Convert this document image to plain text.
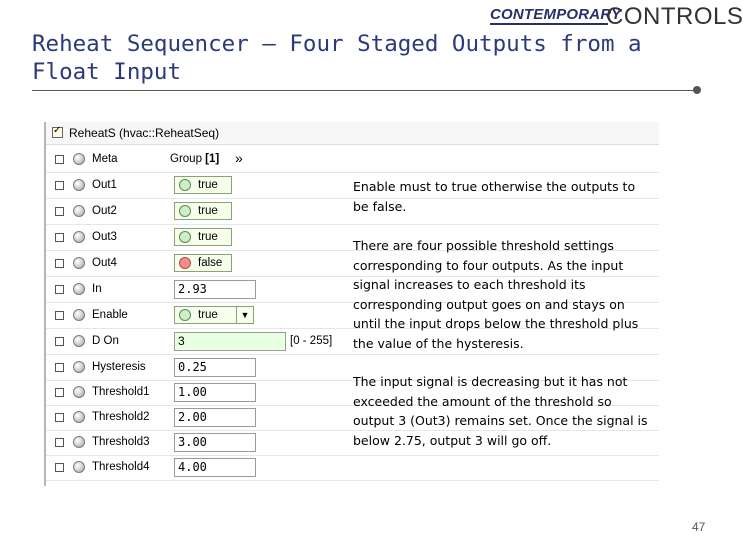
CONTEMPORARY
CONTROLS
Reheat Sequencer — Four Staged Outputs from a Float Input
✓
ReheatS (hvac::ReheatSeq)
Meta	Group [1] »
Out1	true
Out2	true
Out3	true
Out4	false
In	2.93
Enable	true	▼
D On	3	[0 - 255]
Hysteresis	0.25
Threshold1	1.00
Threshold2	2.00
Threshold3	3.00
Threshold4	4.00
Enable must to true otherwise the outputs to be false.
There are four possible threshold settings corresponding to four outputs. As the input signal increases to each threshold its corresponding output goes on and stays on until the input drops below the threshold plus the value of the hysteresis.
The input signal is decreasing but it has not exceeded the amount of the threshold so output 3 (Out3) remains set. Once the signal is below 2.75, output 3 will go off.
47
